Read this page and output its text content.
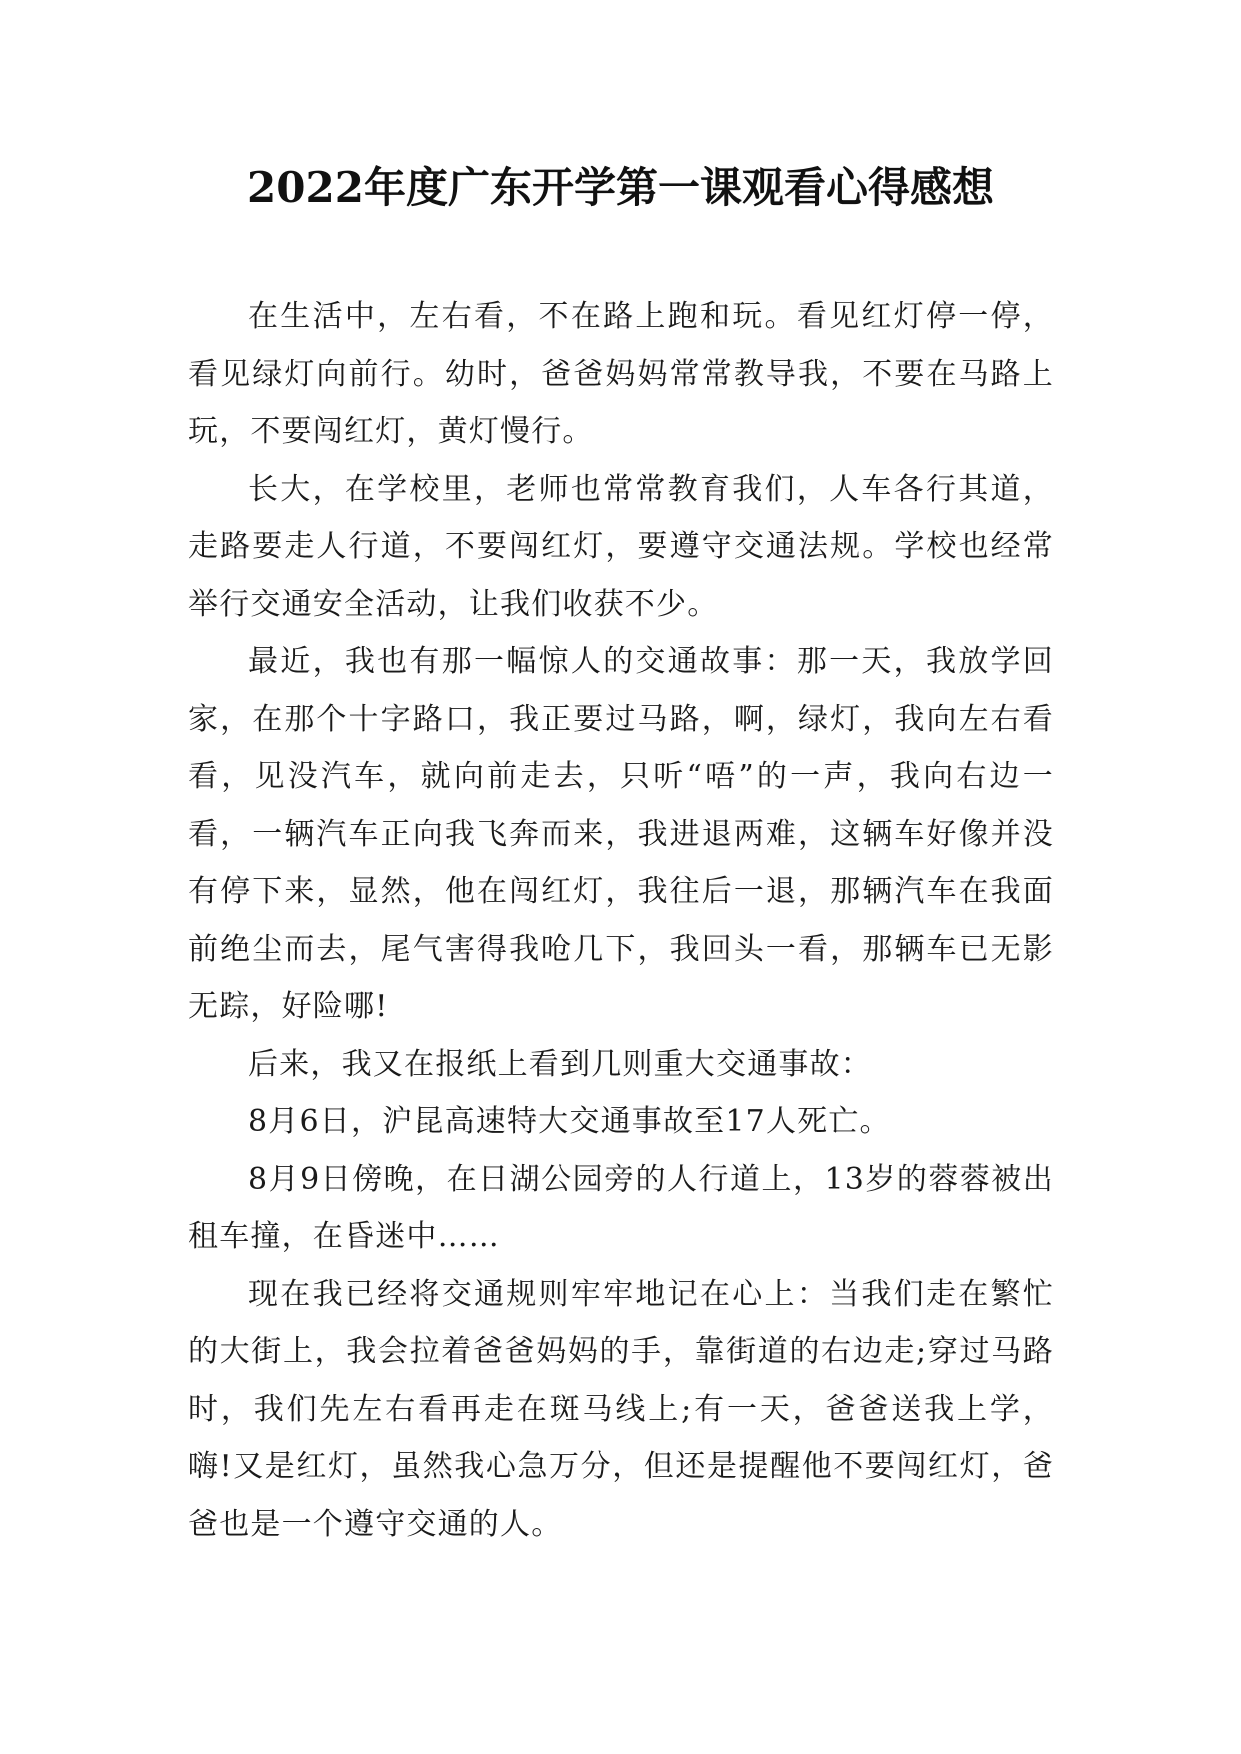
2022年度广东开学第一课观看心得感想

在生活中，左右看，不在路上跑和玩。看见红灯停一停，看见绿灯向前行。幼时，爸爸妈妈常常教导我，不要在马路上玩，不要闯红灯，黄灯慢行。

长大，在学校里，老师也常常教育我们，人车各行其道，走路要走人行道，不要闯红灯，要遵守交通法规。学校也经常举行交通安全活动，让我们收获不少。

最近，我也有那一幅惊人的交通故事：那一天，我放学回家，在那个十字路口，我正要过马路，啊，绿灯，我向左右看看，见没汽车，就向前走去，只听“唔”的一声，我向右边一看，一辆汽车正向我飞奔而来，我进退两难，这辆车好像并没有停下来，显然，他在闯红灯，我往后一退，那辆汽车在我面前绝尘而去，尾气害得我呛几下，我回头一看，那辆车已无影无踪，好险哪!

后来，我又在报纸上看到几则重大交通事故：

8月6日，沪昆高速特大交通事故至17人死亡。

8月9日傍晚，在日湖公园旁的人行道上，13岁的蓉蓉被出租车撞，在昏迷中……

现在我已经将交通规则牢牢地记在心上：当我们走在繁忙的大街上，我会拉着爸爸妈妈的手，靠街道的右边走;穿过马路时，我们先左右看再走在斑马线上;有一天，爸爸送我上学，嗨!又是红灯，虽然我心急万分，但还是提醒他不要闯红灯，爸爸也是一个遵守交通的人。
